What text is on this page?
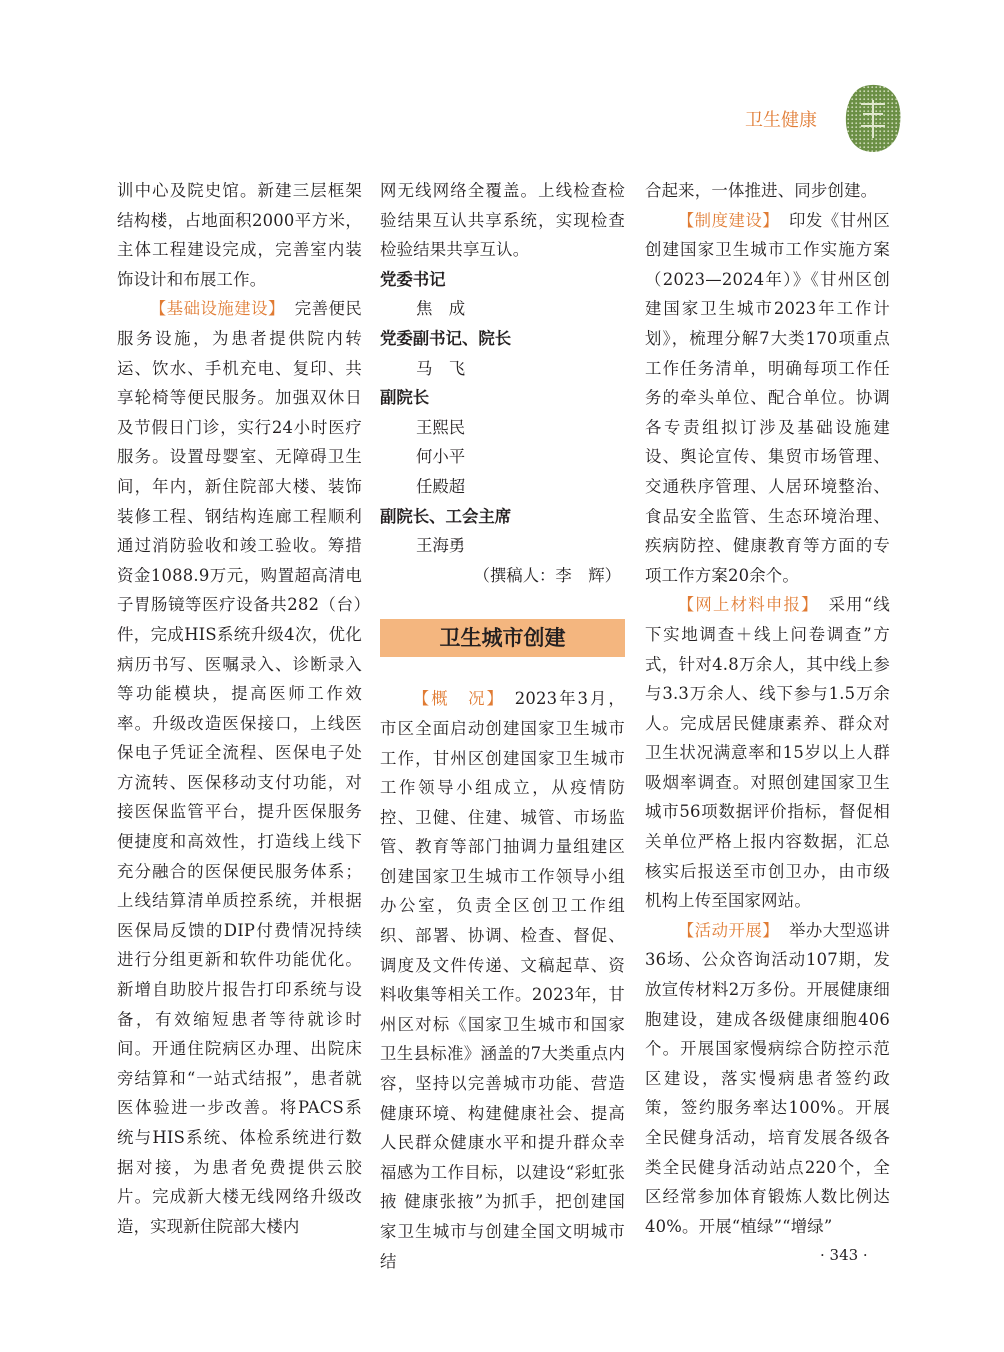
卫生健康

训中心及院史馆。新建三层框架结构楼，占地面积2000平方米，主体工程建设完成，完善室内装饰设计和布展工作。

【基础设施建设】 完善便民服务设施，为患者提供院内转运、饮水、手机充电、复印、共享轮椅等便民服务。加强双休日及节假日门诊，实行24小时医疗服务。设置母婴室、无障碍卫生间，年内，新住院部大楼、装饰装修工程、钢结构连廊工程顺利通过消防验收和竣工验收。筹措资金1088.9万元，购置超高清电子胃肠镜等医疗设备共282（台）件，完成HIS系统升级4次，优化病历书写、医嘱录入、诊断录入等功能模块，提高医师工作效率。升级改造医保接口，上线医保电子凭证全流程、医保电子处方流转、医保移动支付功能，对接医保监管平台，提升医保服务便捷度和高效性，打造线上线下充分融合的医保便民服务体系；上线结算清单质控系统，并根据医保局反馈的DIP付费情况持续进行分组更新和软件功能优化。新增自助胶片报告打印系统与设备，有效缩短患者等待就诊时间。开通住院病区办理、出院床旁结算和“一站式结报”，患者就医体验进一步改善。将PACS系统与HIS系统、体检系统进行数据对接，为患者免费提供云胶片。完成新大楼无线网络升级改造，实现新住院部大楼内

网无线网络全覆盖。上线检查检验结果互认共享系统，实现检查检验结果共享互认。

党委书记

焦　成

党委副书记、院长

马　飞

副院长

王熙民

何小平

任殿超

副院长、工会主席

王海勇

（撰稿人：李　辉）

卫生城市创建

【概　况】 2023年3月，市区全面启动创建国家卫生城市工作，甘州区创建国家卫生城市工作领导小组成立，从疫情防控、卫健、住建、城管、市场监管、教育等部门抽调力量组建区创建国家卫生城市工作领导小组办公室，负责全区创卫工作组织、部署、协调、检查、督促、调度及文件传递、文稿起草、资料收集等相关工作。2023年，甘州区对标《国家卫生城市和国家卫生县标准》涵盖的7大类重点内容，坚持以完善城市功能、营造健康环境、构建健康社会、提高人民群众健康水平和提升群众幸福感为工作目标，以建设“彩虹张掖 健康张掖”为抓手，把创建国家卫生城市与创建全国文明城市结

合起来，一体推进、同步创建。

【制度建设】 印发《甘州区创建国家卫生城市工作实施方案（2023—2024年）》《甘州区创建国家卫生城市2023年工作计划》，梳理分解7大类170项重点工作任务清单，明确每项工作任务的牵头单位、配合单位。协调各专责组拟订涉及基础设施建设、舆论宣传、集贸市场管理、交通秩序管理、人居环境整治、食品安全监管、生态环境治理、疾病防控、健康教育等方面的专项工作方案20余个。

【网上材料申报】 采用“线下实地调查＋线上问卷调查”方式，针对4.8万余人，其中线上参与3.3万余人、线下参与1.5万余人。完成居民健康素养、群众对卫生状况满意率和15岁以上人群吸烟率调查。对照创建国家卫生城市56项数据评价指标，督促相关单位严格上报内容数据，汇总核实后报送至市创卫办，由市级机构上传至国家网站。

【活动开展】 举办大型巡讲36场、公众咨询活动107期，发放宣传材料2万多份。开展健康细胞建设，建成各级健康细胞406个。开展国家慢病综合防控示范区建设，落实慢病患者签约政策，签约服务率达100%。开展全民健身活动，培育发展各级各类全民健身活动站点220个，全区经常参加体育锻炼人数比例达40%。开展“植绿”“增绿”

· 343 ·
